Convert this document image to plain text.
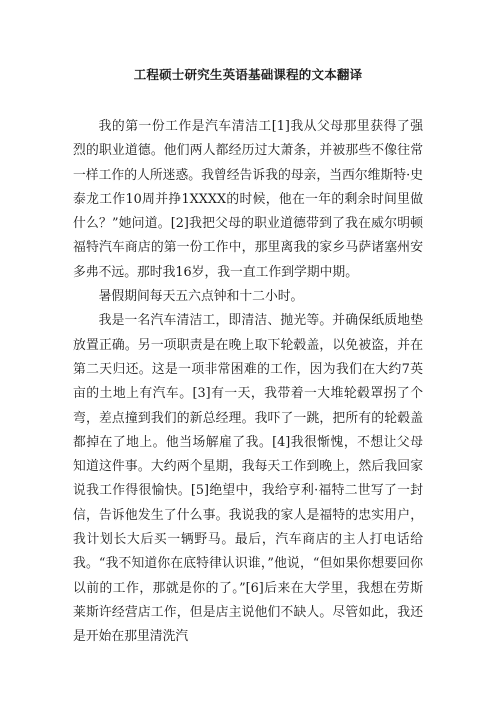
工程硕士研究生英语基础课程的文本翻译

我的第一份工作是汽车清洁工[1]我从父母那里获得了强烈的职业道德。他们两人都经历过大萧条，并被那些不像往常一样工作的人所迷惑。我曾经告诉我的母亲，当西尔维斯特·史泰龙工作10周并挣1XXXX的时候，他在一年的剩余时间里做什么？”她问道。[2]我把父母的职业道德带到了我在威尔明顿福特汽车商店的第一份工作中，那里离我的家乡马萨诸塞州安多弗不远。那时我16岁，我一直工作到学期中期。

暑假期间每天五六点钟和十二小时。

我是一名汽车清洁工，即清洁、抛光等。并确保纸质地垫放置正确。另一项职责是在晚上取下轮毂盖，以免被盗，并在第二天归还。这是一项非常困难的工作，因为我们在大约7英亩的土地上有汽车。[3]有一天，我带着一大堆轮毂罩拐了个弯，差点撞到我们的新总经理。我吓了一跳，把所有的轮毂盖都掉在了地上。他当场解雇了我。[4]我很惭愧，不想让父母知道这件事。大约两个星期，我每天工作到晚上，然后我回家说我工作得很愉快。[5]绝望中，我给亨利·福特二世写了一封信，告诉他发生了什么事。我说我的家人是福特的忠实用户，我计划长大后买一辆野马。最后，汽车商店的主人打电话给我。“我不知道你在底特律认识谁，”他说，“但如果你想要回你以前的工作，那就是你的了。”[6]后来在大学里，我想在劳斯莱斯许经营店工作，但是店主说他们不缺人。尽管如此，我还是开始在那里清洗汽
